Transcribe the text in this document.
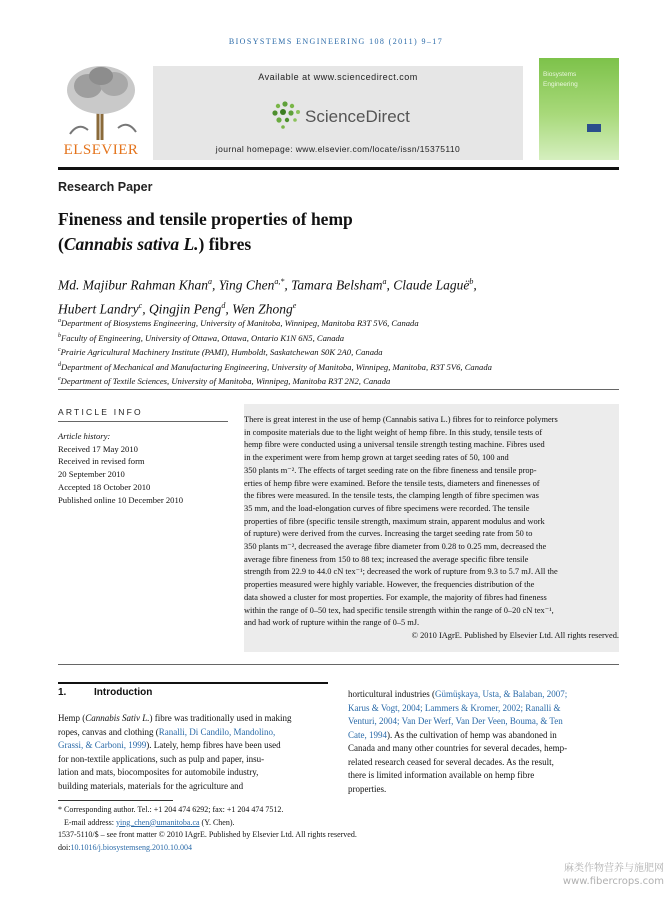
BIOSYSTEMS ENGINEERING 108 (2011) 9–17
ELSEVIER
Available at www.sciencedirect.com
ScienceDirect
journal homepage: www.elsevier.com/locate/issn/15375110
Biosystems
Engineering
Research Paper
Fineness and tensile properties of hemp
(Cannabis sativa L.) fibres
Md. Majibur Rahman Khan$^a$, Ying Chen$^{a,*}$, Tamara Belsham$^a$, Claude Laguë$^b$,
Hubert Landry$^c$, Qingjin Peng$^d$, Wen Zhong$^e$
$^a$Department of Biosystems Engineering, University of Manitoba, Winnipeg, Manitoba R3T 5V6, Canada
$^b$Faculty of Engineering, University of Ottawa, Ottawa, Ontario K1N 6N5, Canada
$^c$Prairie Agricultural Machinery Institute (PAMI), Humboldt, Saskatchewan S0K 2A0, Canada
$^d$Department of Mechanical and Manufacturing Engineering, University of Manitoba, Winnipeg, Manitoba, R3T 5V6, Canada
$^e$Department of Textile Sciences, University of Manitoba, Winnipeg, Manitoba R3T 2N2, Canada
ARTICLE INFO
Article history:
Received 17 May 2010
Received in revised form
20 September 2010
Accepted 18 October 2010
Published online 10 December 2010
There is great interest in the use of hemp (Cannabis sativa L.) fibres for to reinforce polymers
in composite materials due to the light weight of hemp fibre. In this study, tensile tests of
hemp fibre were conducted using a universal tensile strength testing machine. Fibres used
in the experiment were from hemp grown at target seeding rates of 50, 100 and
350 plants m⁻². The effects of target seeding rate on the fibre fineness and tensile prop-
erties of hemp fibre were examined. Before the tensile tests, diameters and finenesses of
the fibres were measured. In the tensile tests, the clamping length of fibre specimen was
35 mm, and the load-elongation curves of fibre specimens were recorded. The tensile
properties of fibre (specific tensile strength, maximum strain, apparent modulus and work
of rupture) were derived from the curves. Increasing the target seeding rate from 50 to
350 plants m⁻², decreased the average fibre diameter from 0.28 to 0.25 mm, decreased the
average fibre fineness from 150 to 88 tex; increased the average specific fibre tensile
strength from 22.9 to 44.0 cN tex⁻¹; decreased the work of rupture from 9.3 to 5.7 mJ. All the
properties measured were highly variable. However, the frequencies distribution of the
data showed a cluster for most properties. For example, the majority of fibres had fineness
within the range of 0–50 tex, had specific tensile strength within the range of 0–20 cN tex⁻¹,
and had work of rupture within the range of 0–5 mJ.
© 2010 IAgrE. Published by Elsevier Ltd. All rights reserved.
1.	Introduction
Hemp (Cannabis Sativ L.) fibre was traditionally used in making
ropes, canvas and clothing (Ranalli, Di Candilo, Mandolino,
Grassi, & Carboni, 1999). Lately, hemp fibres have been used
for non-textile applications, such as pulp and paper, insu-
lation and mats, biocomposites for automobile industry,
building materials, materials for the agriculture and
horticultural industries (Gümüşkaya, Usta, & Balaban, 2007;
Karus & Vogt, 2004; Lammers & Kromer, 2002; Ranalli &
Venturi, 2004; Van Der Werf, Van Der Veen, Bouma, & Ten
Cate, 1994). As the cultivation of hemp was abandoned in
Canada and many other countries for several decades, hemp-
related research ceased for several decades. As the result,
there is limited information available on hemp fibre
properties.
* Corresponding author. Tel.: +1 204 474 6292; fax: +1 204 474 7512.
E-mail address: ying_chen@umanitoba.ca (Y. Chen).
1537-5110/$ – see front matter © 2010 IAgrE. Published by Elsevier Ltd. All rights reserved.
doi:10.1016/j.biosystemseng.2010.10.004
麻类作物营养与施肥网
www.fibercrops.com
